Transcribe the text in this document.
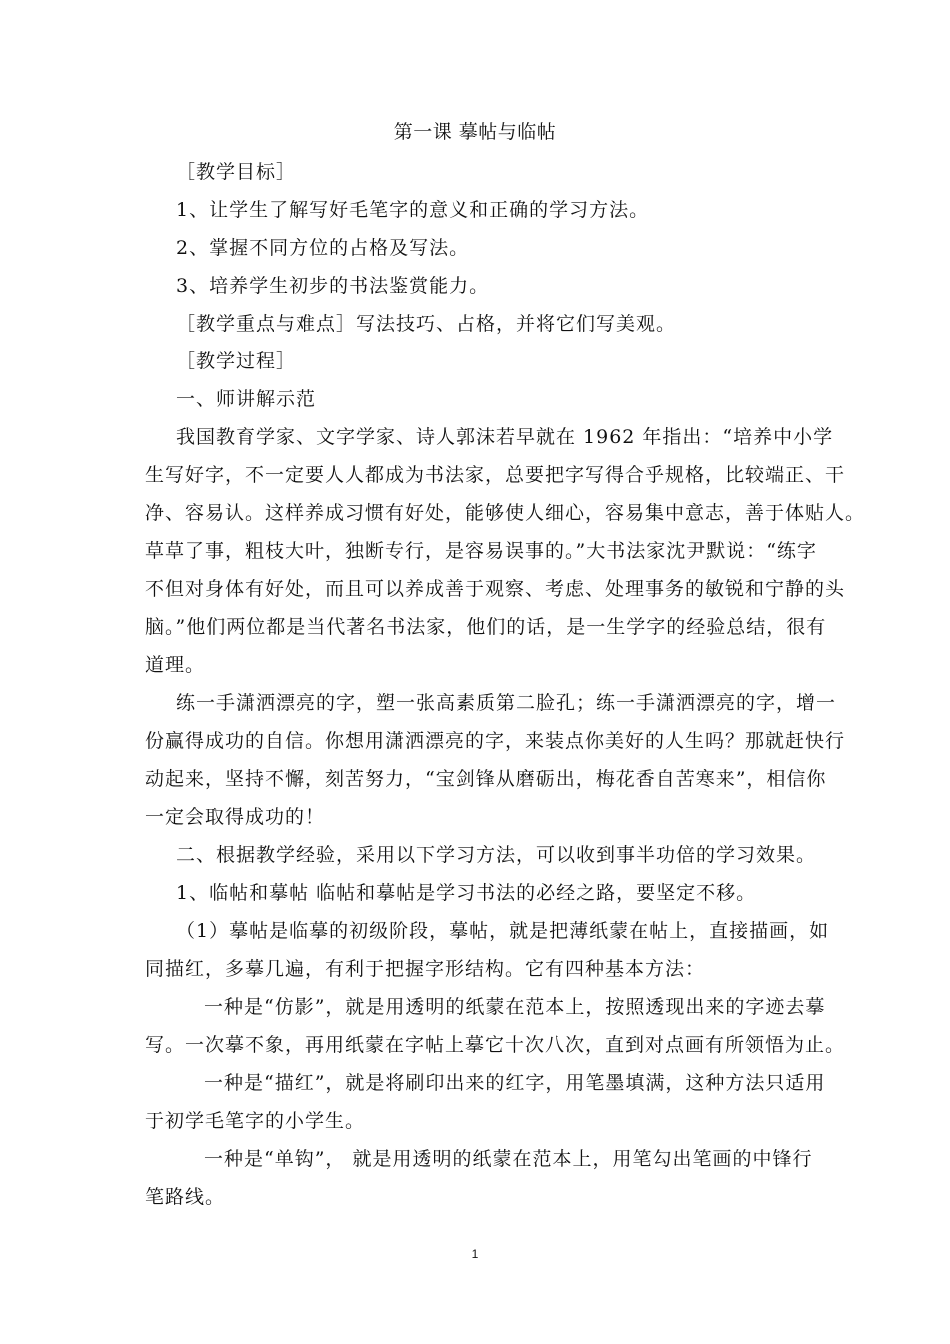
第一课 摹帖与临帖
［教学目标］
1、让学生了解写好毛笔字的意义和正确的学习方法。
2、掌握不同方位的占格及写法。
3、培养学生初步的书法鉴赏能力。
［教学重点与难点］写法技巧、占格，并将它们写美观。
［教学过程］
一、师讲解示范
我国教育学家、文字学家、诗人郭沫若早就在 1962 年指出：“培养中小学
生写好字，不一定要人人都成为书法家，总要把字写得合乎规格，比较端正、干
净、容易认。这样养成习惯有好处，能够使人细心，容易集中意志，善于体贴人。
草草了事，粗枝大叶，独断专行，是容易误事的。”大书法家沈尹默说：“练字
不但对身体有好处，而且可以养成善于观察、考虑、处理事务的敏锐和宁静的头
脑。”他们两位都是当代著名书法家，他们的话，是一生学字的经验总结，很有
道理。
练一手潇洒漂亮的字，塑一张高素质第二脸孔；练一手潇洒漂亮的字，增一
份赢得成功的自信。你想用潇洒漂亮的字，来装点你美好的人生吗？那就赶快行
动起来，坚持不懈，刻苦努力，“宝剑锋从磨砺出，梅花香自苦寒来”，相信你
一定会取得成功的！
二、根据教学经验，采用以下学习方法，可以收到事半功倍的学习效果。
1、临帖和摹帖 临帖和摹帖是学习书法的必经之路，要坚定不移。
（1）摹帖是临摹的初级阶段，摹帖，就是把薄纸蒙在帖上，直接描画，如
同描红，多摹几遍，有利于把握字形结构。它有四种基本方法：
一种是“仿影”，就是用透明的纸蒙在范本上，按照透现出来的字迹去摹
写。一次摹不象，再用纸蒙在字帖上摹它十次八次，直到对点画有所领悟为止。
一种是“描红”，就是将刷印出来的红字，用笔墨填满，这种方法只适用
于初学毛笔字的小学生。
一种是“单钩”， 就是用透明的纸蒙在范本上，用笔勾出笔画的中锋行
笔路线。
1
